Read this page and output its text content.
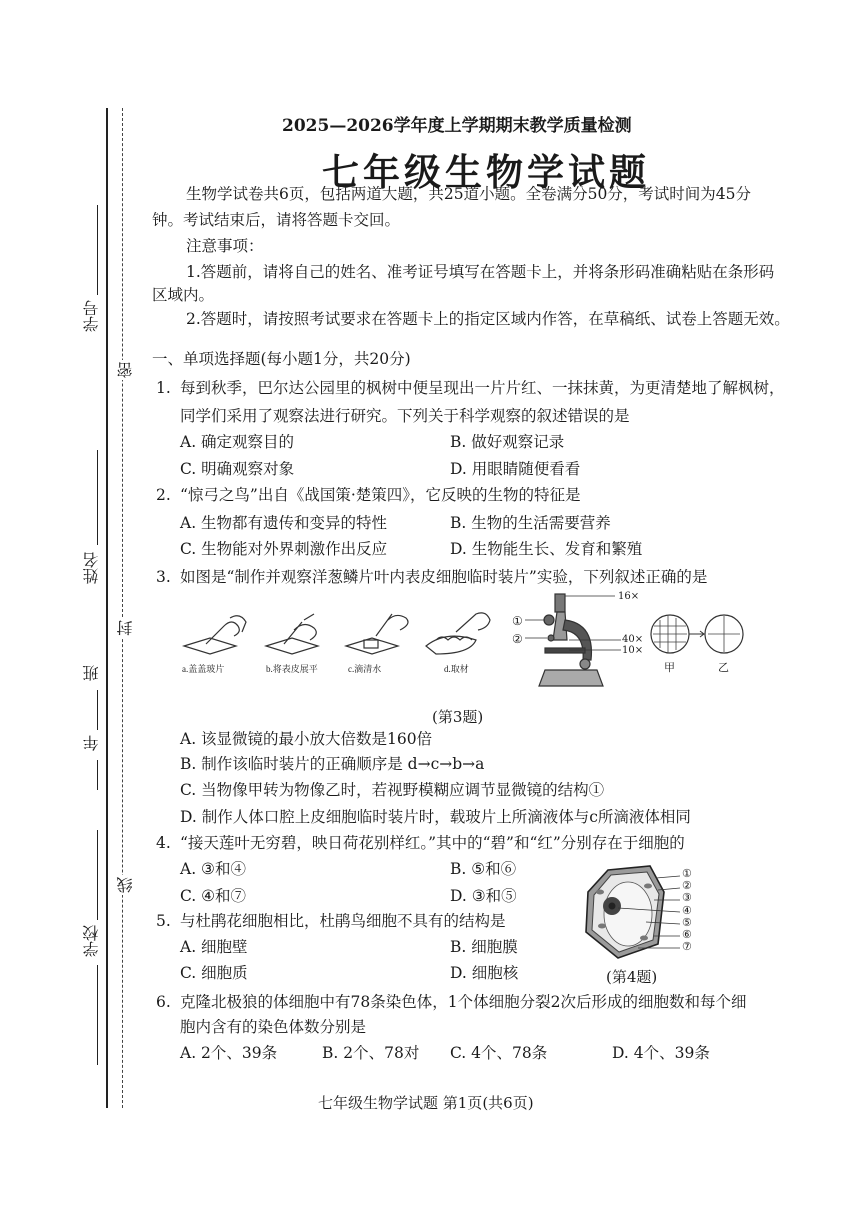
学号
姓名
班
年
学校
密
封
线
2025—2026学年度上学期期末教学质量检测
七年级生物学试题
生物学试卷共6页，包括两道大题，共25道小题。全卷满分50分，考试时间为45分
钟。考试结束后，请将答题卡交回。
注意事项：
1.答题前，请将自己的姓名、准考证号填写在答题卡上，并将条形码准确粘贴在条形码
区域内。
2.答题时，请按照考试要求在答题卡上的指定区域内作答，在草稿纸、试卷上答题无效。
一、单项选择题(每小题1分，共20分)
1. 每到秋季，巴尔达公园里的枫树中便呈现出一片片红、一抹抹黄，为更清楚地了解枫树，
同学们采用了观察法进行研究。下列关于科学观察的叙述错误的是
A. 确定观察目的	B. 做好观察记录
C. 明确观察对象	D. 用眼睛随便看看
2. “惊弓之鸟”出自《战国策·楚策四》，它反映的生物的特征是
A. 生物都有遗传和变异的特性	B. 生物的生活需要营养
C. 生物能对外界刺激作出反应	D. 生物能生长、发育和繁殖
3. 如图是“制作并观察洋葱鳞片叶内表皮细胞临时装片”实验，下列叙述正确的是
a.盖盖玻片	b.将表皮展平	c.滴清水	d.取材
16×
①
②	40×
10×
甲	乙
(第3题)
A. 该显微镜的最小放大倍数是160倍
B. 制作该临时装片的正确顺序是 d→c→b→a
C. 当物像甲转为物像乙时，若视野模糊应调节显微镜的结构①
D. 制作人体口腔上皮细胞临时装片时，载玻片上所滴液体与c所滴液体相同
4. “接天莲叶无穷碧，映日荷花别样红。”其中的“碧”和“红”分别存在于细胞的
A. ③和④	B. ⑤和⑥
C. ④和⑦	D. ③和⑤
①
②
③
④
⑤
⑥
⑦
(第4题)
5. 与杜鹃花细胞相比，杜鹃鸟细胞不具有的结构是
A. 细胞壁	B. 细胞膜
C. 细胞质	D. 细胞核
6. 克隆北极狼的体细胞中有78条染色体，1个体细胞分裂2次后形成的细胞数和每个细
胞内含有的染色体数分别是
A. 2个、39条	B. 2个、78对 C. 4个、78条	D. 4个、39条
七年级生物学试题 第1页(共6页)
